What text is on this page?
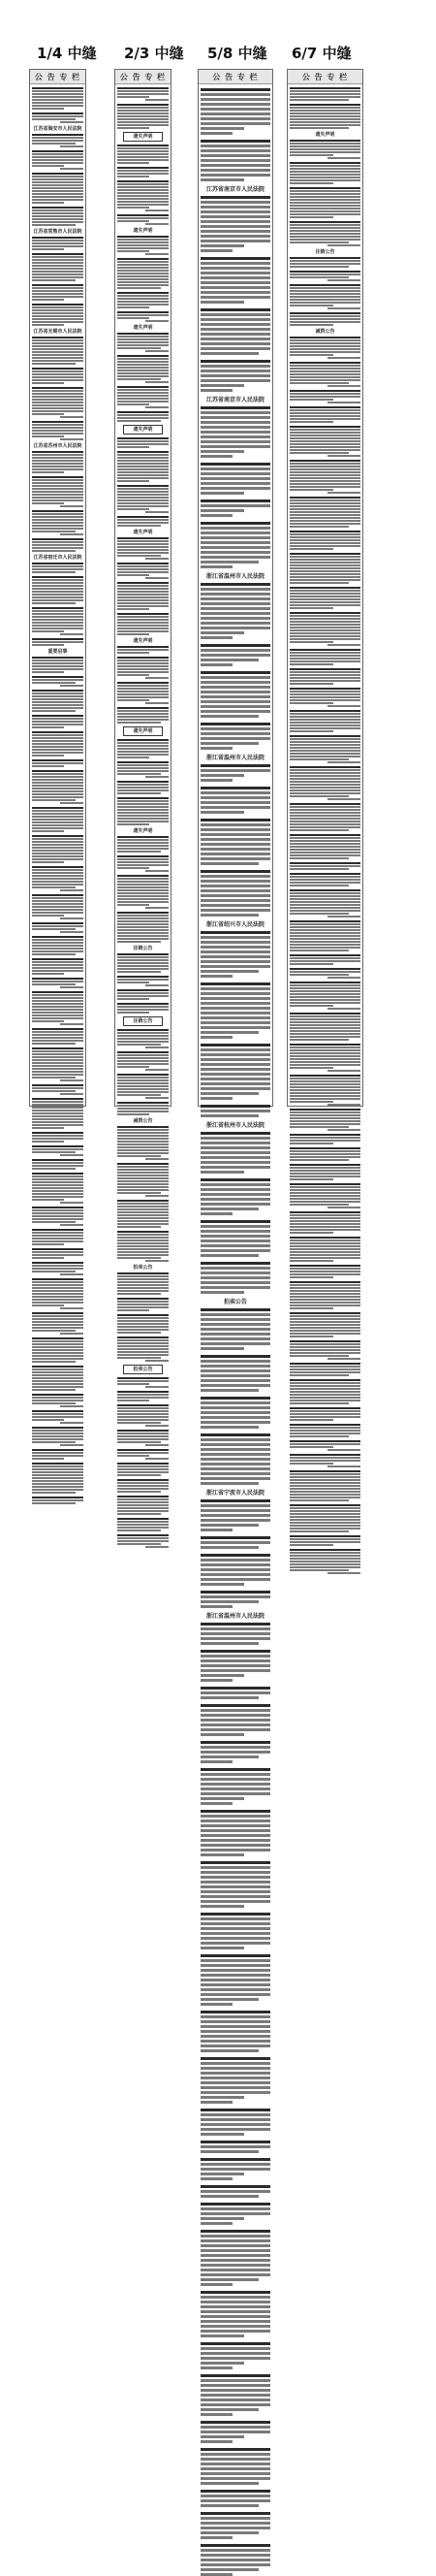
1/4 中缝 2/3 中缝 5/8 中缝 6/7 中缝
公 告 专 栏
江苏省海安市人民法院
江苏省常熟市人民法院
江苏省无锡市人民法院
江苏省苏州市人民法院
江苏省宿迁市人民法院
重要启事
公 告 专 栏
遗失声明
遗失声明
遗失声明
遗失声明
遗失声明
遗失声明
遗失声明
遗失声明
注销公告
注销公告
减资公告
拍卖公告
拍卖公告
公 告 专 栏
江苏省南京市人民法院
江苏省南京市人民法院
浙江省温州市人民法院
浙江省温州市人民法院
浙江省绍兴市人民法院
浙江省杭州市人民法院
拍卖公告
浙江省宁波市人民法院
浙江省温州市人民法院
公 告 专 栏
遗失声明
注销公告
减资公告
